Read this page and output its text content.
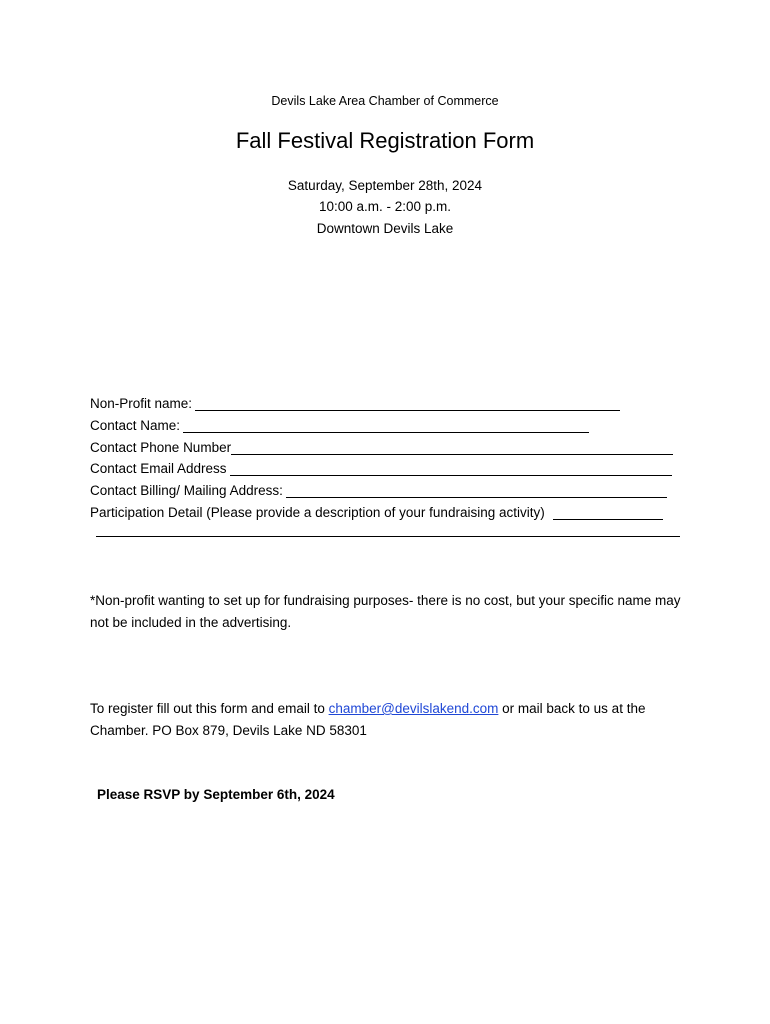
Devils Lake Area Chamber of Commerce
Fall Festival Registration Form
Saturday, September 28th, 2024
10:00 a.m. - 2:00 p.m.
Downtown Devils Lake
Non-Profit name:
Contact Name:
Contact Phone Number
Contact Email Address
Contact Billing/ Mailing Address:
Participation Detail (Please provide a description of your fundraising activity)
*Non-profit wanting to set up for fundraising purposes- there is no cost, but your specific name may not be included in the advertising.
To register fill out this form and email to chamber@devilslakend.com or mail back to us at the Chamber. PO Box 879, Devils Lake ND 58301
Please RSVP by September 6th, 2024
